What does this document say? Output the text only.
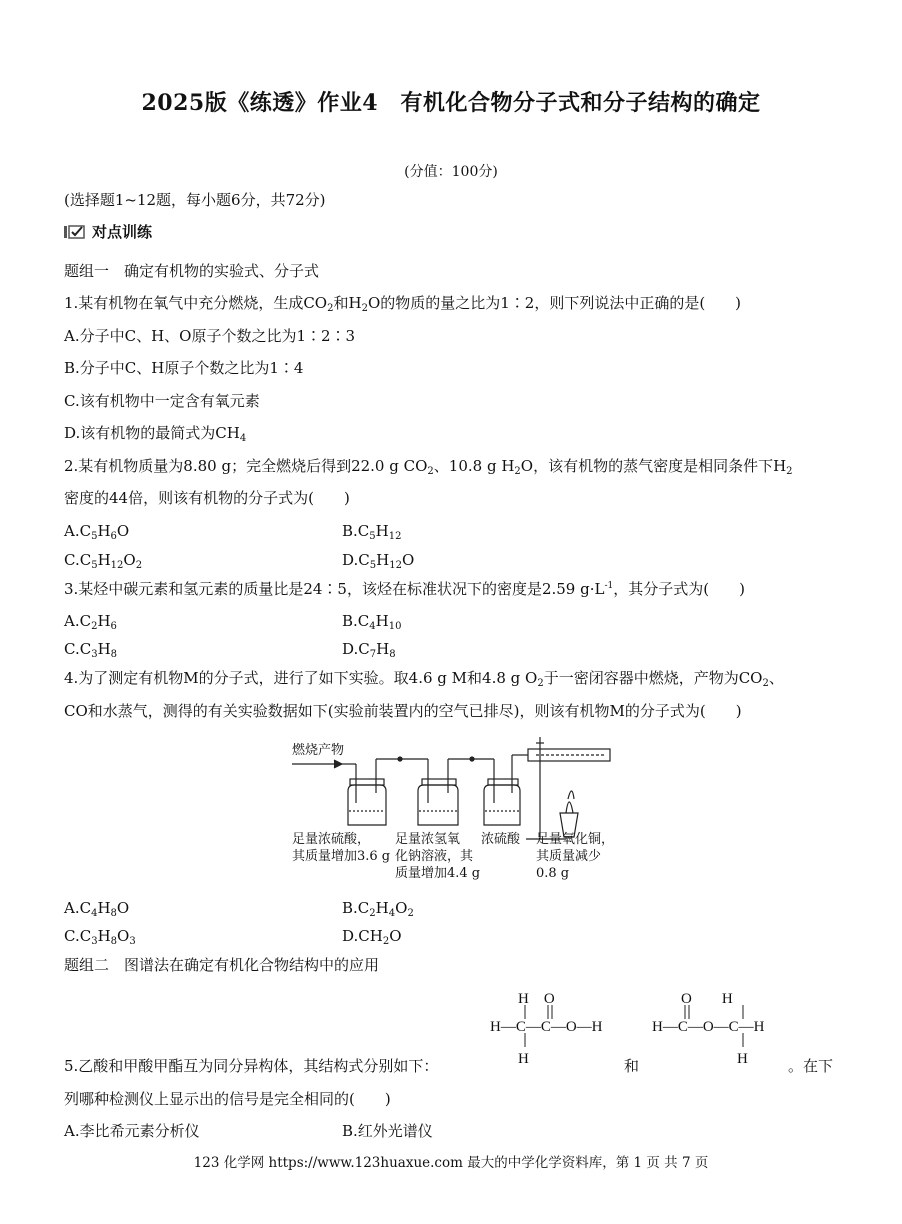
2025版《练透》作业4　有机化合物分子式和分子结构的确定
(分值：100分)
(选择题1~12题，每小题6分，共72分)
对点训练
题组一　确定有机物的实验式、分子式
1.某有机物在氧气中充分燃烧，生成$CO_2$和$H_2O$的物质的量之比为1∶2，则下列说法中正确的是(　　)
A.分子中C、H、O原子个数之比为1∶2∶3
B.分子中C、H原子个数之比为1∶4
C.该有机物中一定含有氧元素
D.该有机物的最简式为$CH_4$
2.某有机物质量为8.80 g；完全燃烧后得到22.0 g $CO_2$、10.8 g $H_2O$，该有机物的蒸气密度是相同条件下$H_2$
密度的44倍，则该有机物的分子式为(　　)
$A.C_5H_6O$	$B.C_5H_{12}$
$C.C_5H_{12}O_2$	$D.C_5H_{12}O$
3.某烃中碳元素和氢元素的质量比是24∶5，该烃在标准状况下的密度是2.59 $g\cdot L^{-1}$，其分子式为(　　)
$A.C_2H_6$	$B.C_4H_{10}$
$C.C_3H_8$	$D.C_7H_8$
4.为了测定有机物M的分子式，进行了如下实验。取4.6 g M和4.8 g $O_2$于一密闭容器中燃烧，产物为$CO_2$、
CO和水蒸气，测得的有关实验数据如下(实验前装置内的空气已排尽)，则该有机物M的分子式为(　　)
燃烧产物
足量浓硫酸，
其质量增加3.6 g
足量浓氢氧
化钠溶液，其
质量增加4.4 g
浓硫酸 足量氧化铜，
其质量减少
0.8 g
$A.C_4H_8O$	$B.C_2H_4O_2$
$C.C_3H_8O_3$	$D.CH_2O$
题组二　图谱法在确定有机化合物结构中的应用
H　O
H—C—C—O—H
H
O　　H
H—C—O—C—H
H
5.乙酸和甲酸甲酯互为同分异构体，其结构式分别如下：	和	。在下
列哪种检测仪上显示出的信号是完全相同的(　　)
A.李比希元素分析仪	B.红外光谱仪
123 化学网 https://www.123huaxue.com 最大的中学化学资料库，第 1 页 共 7 页
